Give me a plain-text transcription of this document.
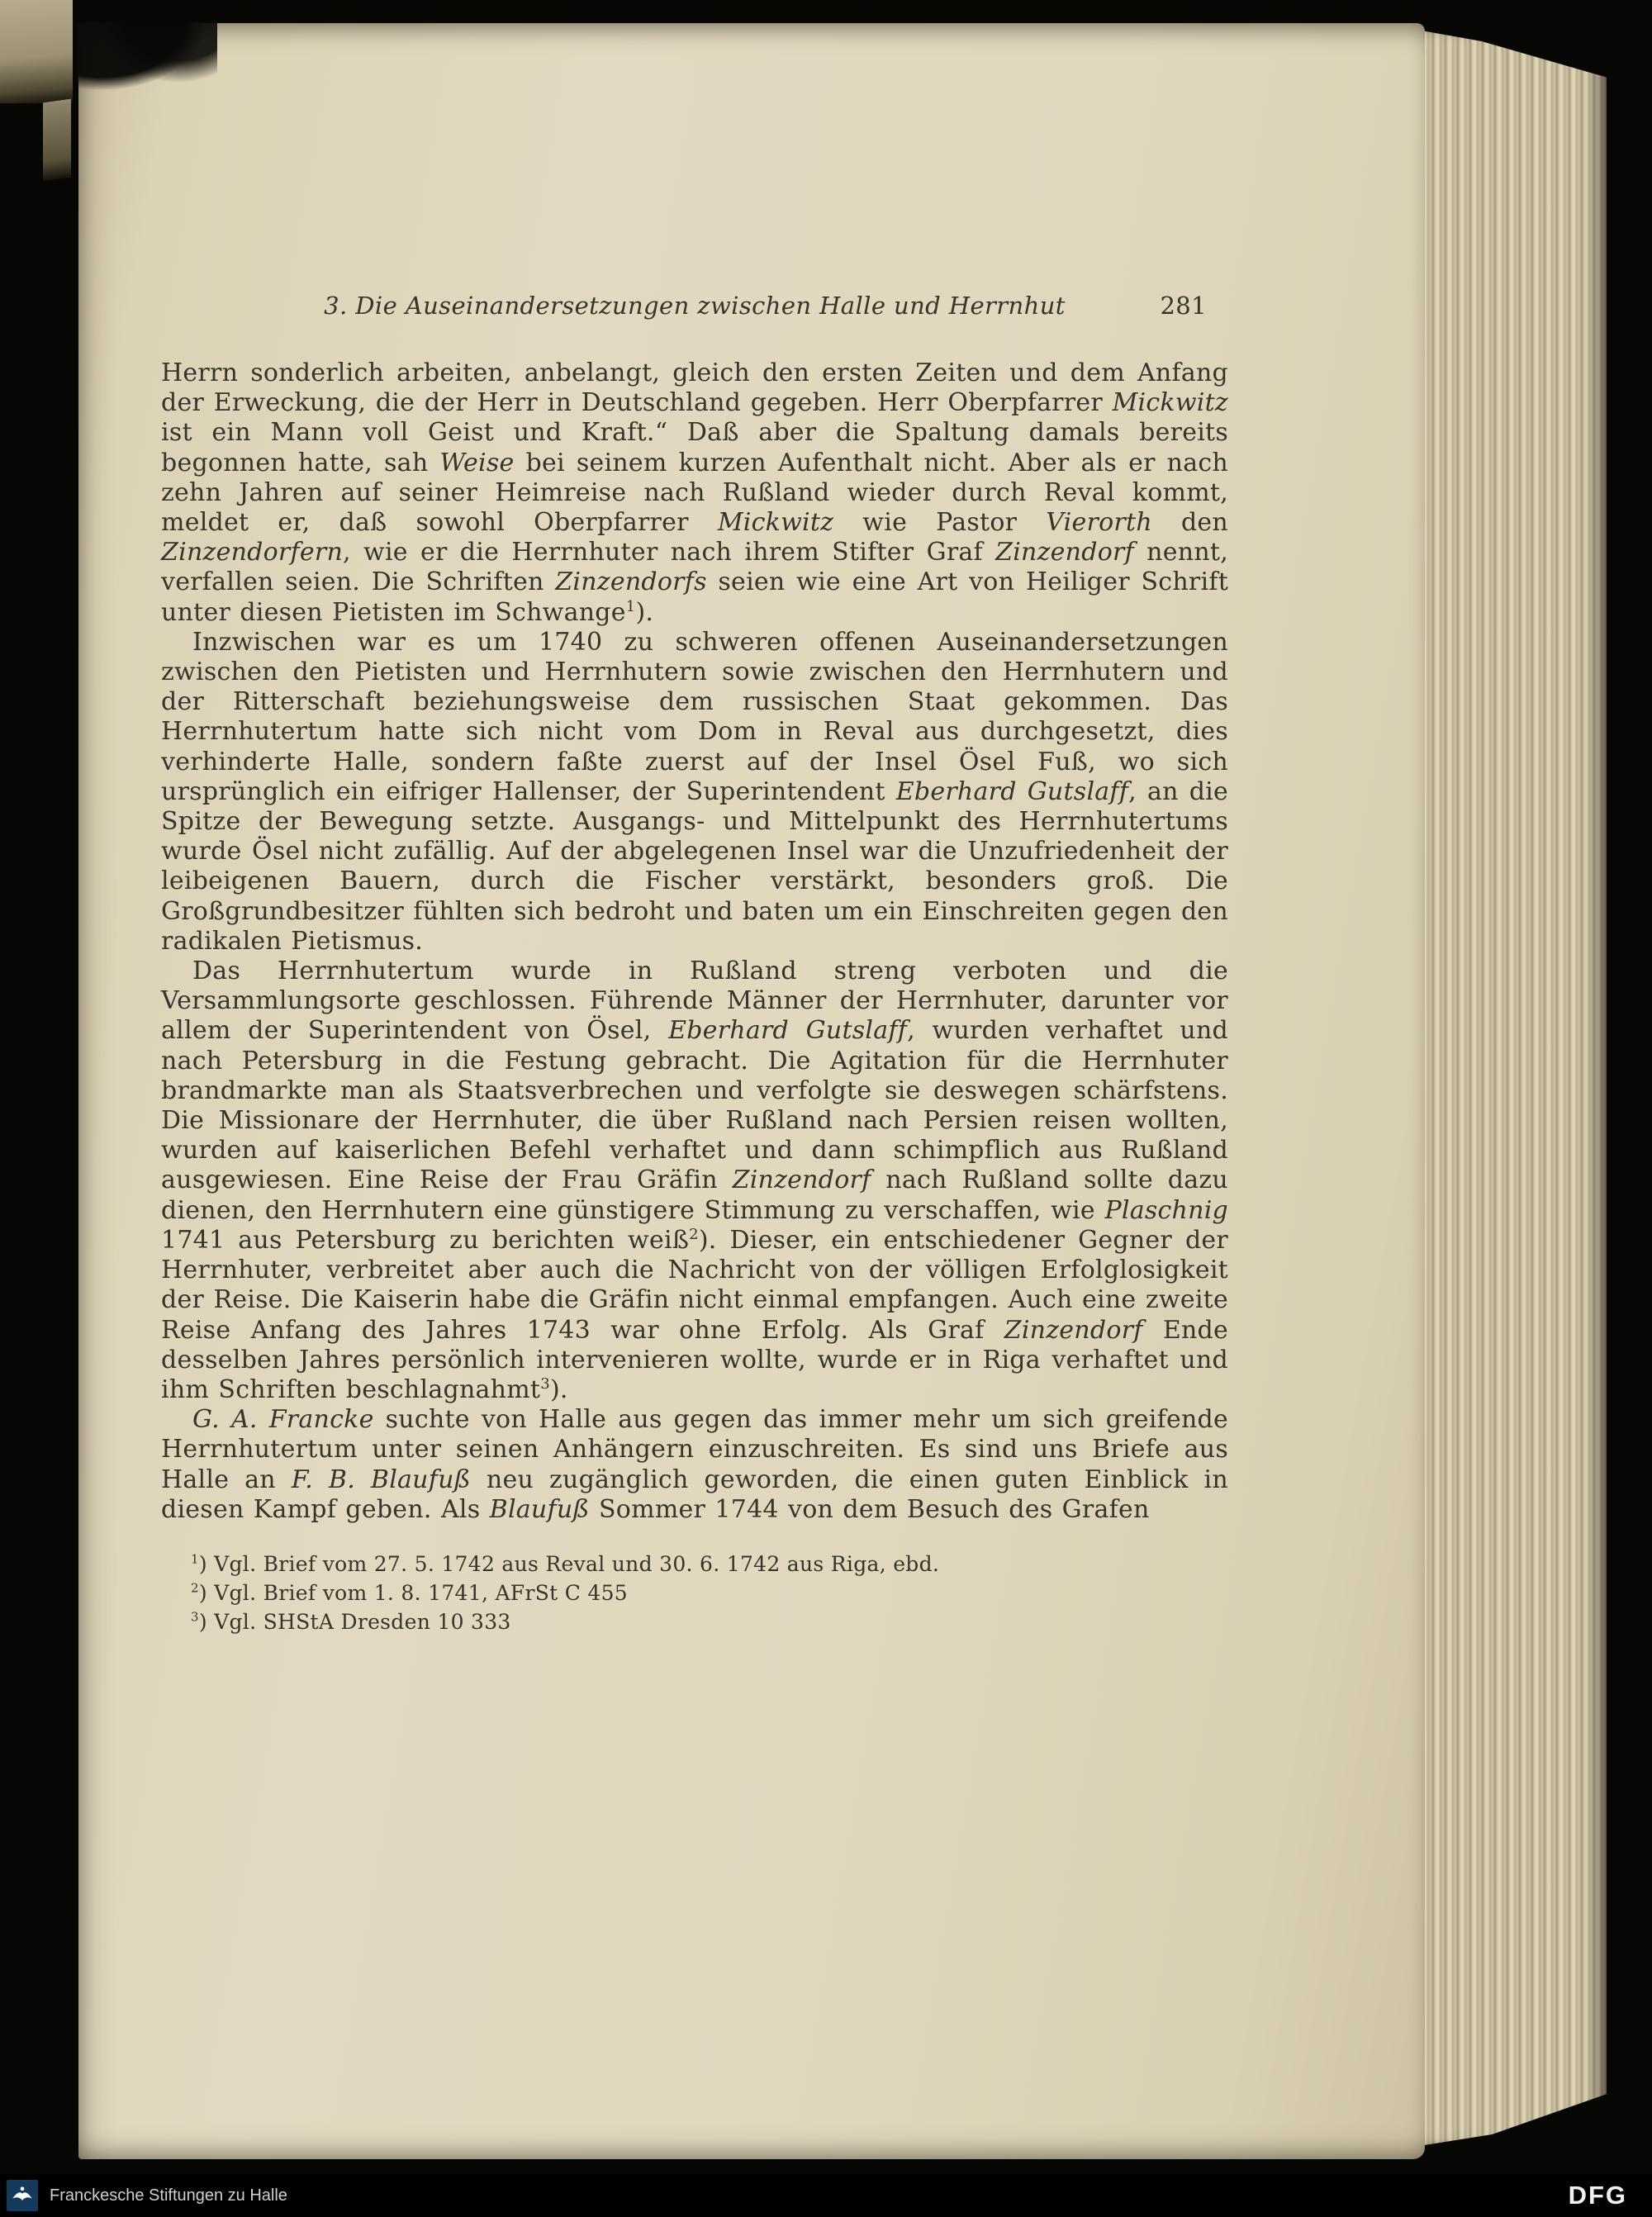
3. Die Auseinandersetzungen zwischen Halle und Herrnhut	281
Herrn sonderlich arbeiten, anbelangt, gleich den ersten Zeiten und dem Anfang der Erweckung, die der Herr in Deutschland gegeben. Herr Oberpfarrer Mickwitz ist ein Mann voll Geist und Kraft.“ Daß aber die Spaltung damals bereits begonnen hatte, sah Weise bei seinem kurzen Aufenthalt nicht. Aber als er nach zehn Jahren auf seiner Heimreise nach Rußland wieder durch Reval kommt, meldet er, daß sowohl Oberpfarrer Mickwitz wie Pastor Vierorth den Zinzendorfern, wie er die Herrnhuter nach ihrem Stifter Graf Zinzendorf nennt, verfallen seien. Die Schriften Zinzendorfs seien wie eine Art von Heiliger Schrift unter diesen Pietisten im Schwange$^1$).
Inzwischen war es um 1740 zu schweren offenen Auseinandersetzungen zwischen den Pietisten und Herrnhutern sowie zwischen den Herrnhutern und der Ritterschaft beziehungsweise dem russischen Staat gekommen. Das Herrnhutertum hatte sich nicht vom Dom in Reval aus durchgesetzt, dies verhinderte Halle, sondern faßte zuerst auf der Insel Ösel Fuß, wo sich ursprünglich ein eifriger Hallenser, der Superintendent Eberhard Gutslaff, an die Spitze der Bewegung setzte. Ausgangs- und Mittelpunkt des Herrnhutertums wurde Ösel nicht zufällig. Auf der abgelegenen Insel war die Unzufriedenheit der leibeigenen Bauern, durch die Fischer verstärkt, besonders groß. Die Großgrundbesitzer fühlten sich bedroht und baten um ein Einschreiten gegen den radikalen Pietismus.
Das Herrnhutertum wurde in Rußland streng verboten und die Versammlungsorte geschlossen. Führende Männer der Herrnhuter, darunter vor allem der Superintendent von Ösel, Eberhard Gutslaff, wurden verhaftet und nach Petersburg in die Festung gebracht. Die Agitation für die Herrnhuter brandmarkte man als Staatsverbrechen und verfolgte sie deswegen schärfstens. Die Missionare der Herrnhuter, die über Rußland nach Persien reisen wollten, wurden auf kaiserlichen Befehl verhaftet und dann schimpflich aus Rußland ausgewiesen. Eine Reise der Frau Gräfin Zinzendorf nach Rußland sollte dazu dienen, den Herrnhutern eine günstigere Stimmung zu verschaffen, wie Plaschnig 1741 aus Petersburg zu berichten weiß$^2$). Dieser, ein entschiedener Gegner der Herrnhuter, verbreitet aber auch die Nachricht von der völligen Erfolglosigkeit der Reise. Die Kaiserin habe die Gräfin nicht einmal empfangen. Auch eine zweite Reise Anfang des Jahres 1743 war ohne Erfolg. Als Graf Zinzendorf Ende desselben Jahres persönlich intervenieren wollte, wurde er in Riga verhaftet und ihm Schriften beschlagnahmt$^3$).
G. A. Francke suchte von Halle aus gegen das immer mehr um sich greifende Herrnhutertum unter seinen Anhängern einzuschreiten. Es sind uns Briefe aus Halle an F. B. Blaufuß neu zugänglich geworden, die einen guten Einblick in diesen Kampf geben. Als Blaufuß Sommer 1744 von dem Besuch des Grafen
$^1$) Vgl. Brief vom 27. 5. 1742 aus Reval und 30. 6. 1742 aus Riga, ebd.
$^2$) Vgl. Brief vom 1. 8. 1741, AFrSt C 455
$^3$) Vgl. SHStA Dresden 10 333
Franckesche Stiftungen zu Halle	DFG
